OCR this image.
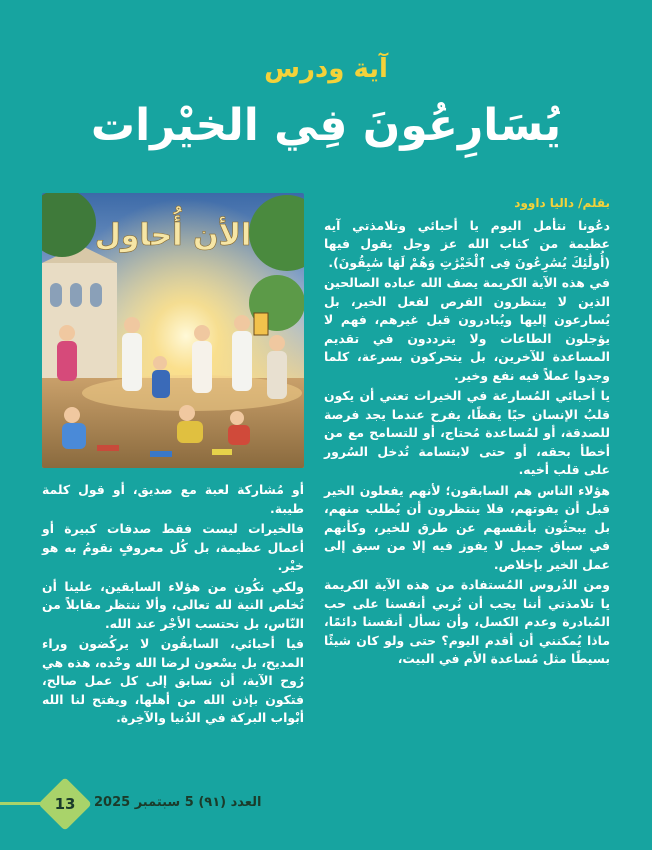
آية ودرس
يُسَارِعُونَ فِي الخيْرات
الأن أُحاول

بقلم/ داليا داوود

دعُونا نتأمل اليوم يا أحبائي وتلامذتي آيه عظيمة من كتاب الله عز وجل يقول فيها (أُولَٰئِكَ يُسَٰرِعُونَ فِى ٱلْخَيْرَٰتِ وَهُمْ لَهَا سَٰبِقُونَ).

في هذه الآية الكريمة يصف الله عباده الصالحين الذين لا ينتظرون الفرص لفعل الخير، بل يُسارعون إليها ويُبادرون قبل غيرهم، فهم لا يؤجلون الطاعات ولا يترددون في تقديم المساعدة للآخرين، بل يتحركون بسرعة، كلما وجدوا عملاً فيه نفع وخير.

يا أحبائي المُسارعة في الخيرات تعني أن يكون قلبُ الإنسان حيًا يقظًا، يفرح عندما يجد فرصة للصدقة، أو لمُساعدة مُحتاج، أو للتسامح مع من أخطأ بحقه، أو حتى لابتسامة تُدخل السُرور على قلب أخيه.

هؤلاء الناس هم السابقون؛ لأنهم يفعلون الخير قبل أن يفوتهم، فلا ينتظرون أن يُطلب منهم، بل يبحثُون بأنفسهم عن طرق للخير، وكأنهم في سباق جميل لا يفوز فيه إلا من سبق إلى عمل الخير بإخلاص.

ومن الدُروس المُستفادة من هذه الآية الكريمة يا تلامذتي أننا يجب أن نُربي أنفسنا على حب المُبادرة وعدم الكسل، وأن نسأل أنفسنا دائمًا، ماذا يُمكنني أن أقدم اليوم؟ حتى ولو كان شيئًا بسيطًا مثل مُساعدة الأم في البيت،

أو مُشاركة لعبة مع صديق، أو قول كلمة طيبة.

فالخيرات ليست فقط صدقات كبيرة أو أعمال عظيمة، بل كُل معروفٍ نقومُ به هو خيْر.

ولكي نكُون من هؤلاء السابقين، علينا أن نُخلص النية لله تعالى، وألا ننتظر مقابلاً من النّاس، بل نحتسب الأجْر عند الله.

فيا أحبائي، السابقُون لا يركُضون وراء المديح، بل يسْعون لرضا الله وحْده، هذه هي رُوح الآية، أن نسابق إلى كل عمل صالح، فتكون بإذن الله من أهلها، ويفتح لنا الله أبْواب البركة في الدُنيا والآخِرة.

13	العدد (٩١) 5 سبتمبر 2025
